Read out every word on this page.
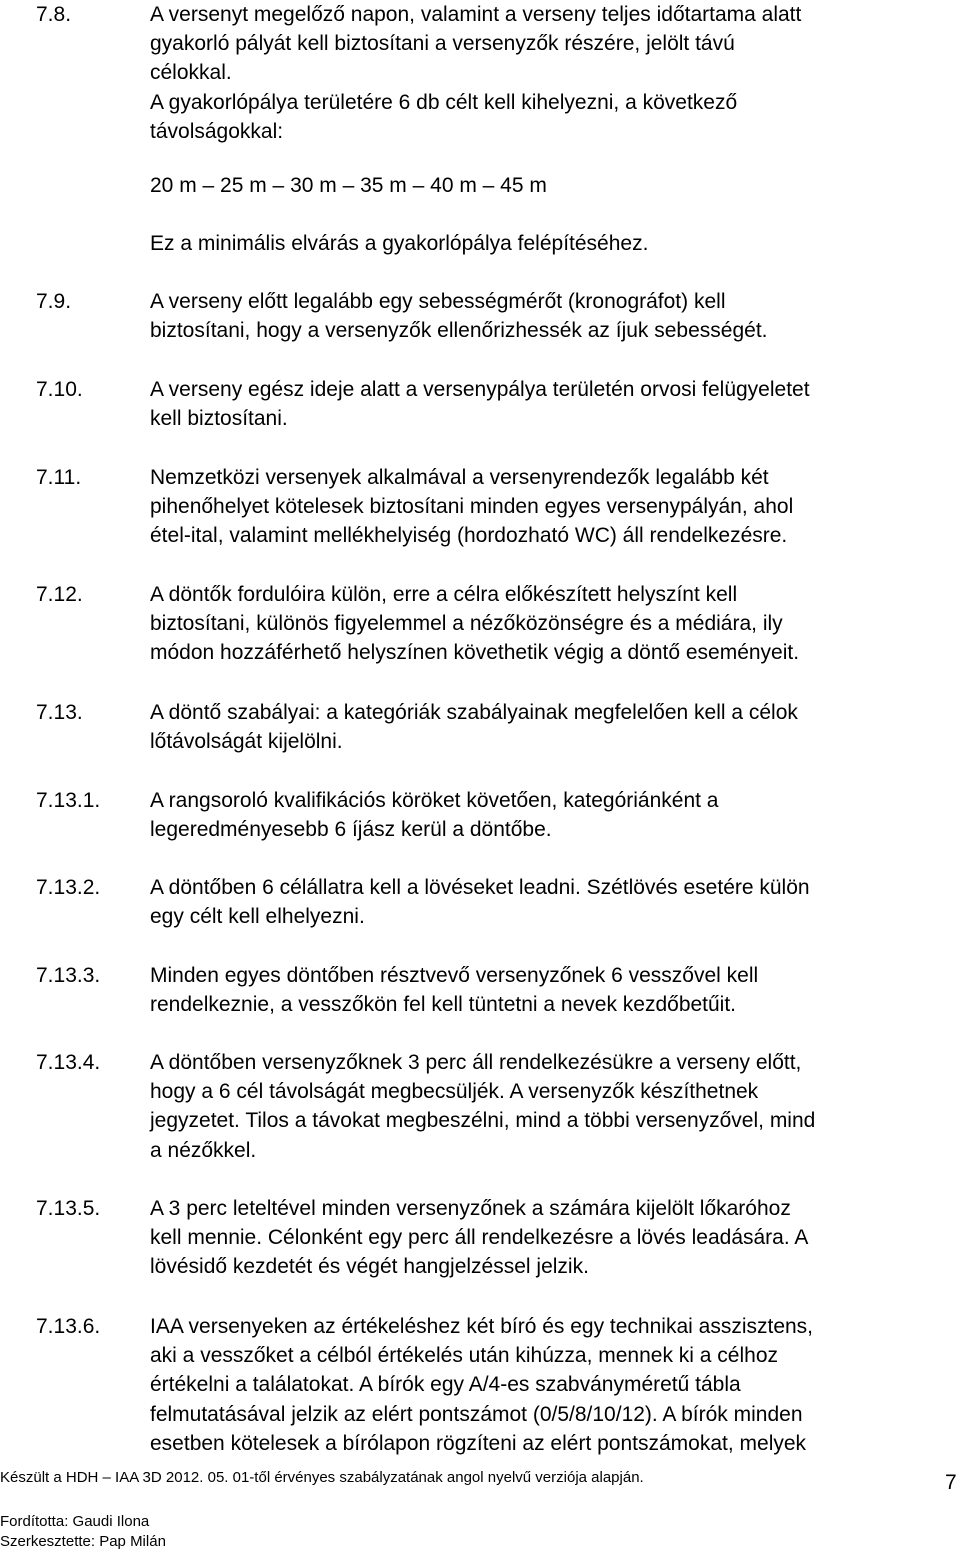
7.8.	A versenyt megelőző napon, valamint a verseny teljes időtartama alatt
gyakorló pályát kell biztosítani a versenyzők részére, jelölt távú
célokkal.
A gyakorlópálya területére 6 db célt kell kihelyezni, a következő
távolságokkal:
20 m – 25 m – 30 m – 35 m – 40 m – 45 m
Ez a minimális elvárás a gyakorlópálya felépítéséhez.
7.9.	A verseny előtt legalább egy sebességmérőt (kronográfot) kell
biztosítani, hogy a versenyzők ellenőrizhessék az íjuk sebességét.
7.10.	A verseny egész ideje alatt a versenypálya területén orvosi felügyeletet
kell biztosítani.
7.11.	Nemzetközi versenyek alkalmával a versenyrendezők legalább két
pihenőhelyet kötelesek biztosítani minden egyes versenypályán, ahol
étel-ital, valamint mellékhelyiség (hordozható WC) áll rendelkezésre.
7.12.	A döntők fordulóira külön, erre a célra előkészített helyszínt kell
biztosítani, különös figyelemmel a nézőközönségre és a médiára, ily
módon hozzáférhető helyszínen követhetik végig a döntő eseményeit.
7.13.	A döntő szabályai: a kategóriák szabályainak megfelelően kell a célok
lőtávolságát kijelölni.
7.13.1. A rangsoroló kvalifikációs köröket követően, kategóriánként a
legeredményesebb 6 íjász kerül a döntőbe.
7.13.2. A döntőben 6 célállatra kell a lövéseket leadni. Szétlövés esetére külön
egy célt kell elhelyezni.
7.13.3. Minden egyes döntőben résztvevő versenyzőnek 6 vesszővel kell
rendelkeznie, a vesszőkön fel kell tüntetni a nevek kezdőbetűit.
7.13.4. A döntőben versenyzőknek 3 perc áll rendelkezésükre a verseny előtt,
hogy a 6 cél távolságát megbecsüljék. A versenyzők készíthetnek
jegyzetet. Tilos a távokat megbeszélni, mind a többi versenyzővel, mind
a nézőkkel.
7.13.5. A 3 perc leteltével minden versenyzőnek a számára kijelölt lőkaróhoz
kell mennie. Célonként egy perc áll rendelkezésre a lövés leadására. A
lövésidő kezdetét és végét hangjelzéssel jelzik.
7.13.6. IAA versenyeken az értékeléshez két bíró és egy technikai asszisztens,
aki a vesszőket a célból értékelés után kihúzza, mennek ki a célhoz
értékelni a találatokat. A bírók egy A/4-es szabványméretű tábla
felmutatásával jelzik az elért pontszámot (0/5/8/10/12). A bírók minden
esetben kötelesek a bírólapon rögzíteni az elért pontszámokat, melyek
Készült a HDH – IAA 3D 2012. 05. 01-től érvényes szabályzatának angol nyelvű verziója alapján.	7
Fordította: Gaudi Ilona
Szerkesztette: Pap Milán
